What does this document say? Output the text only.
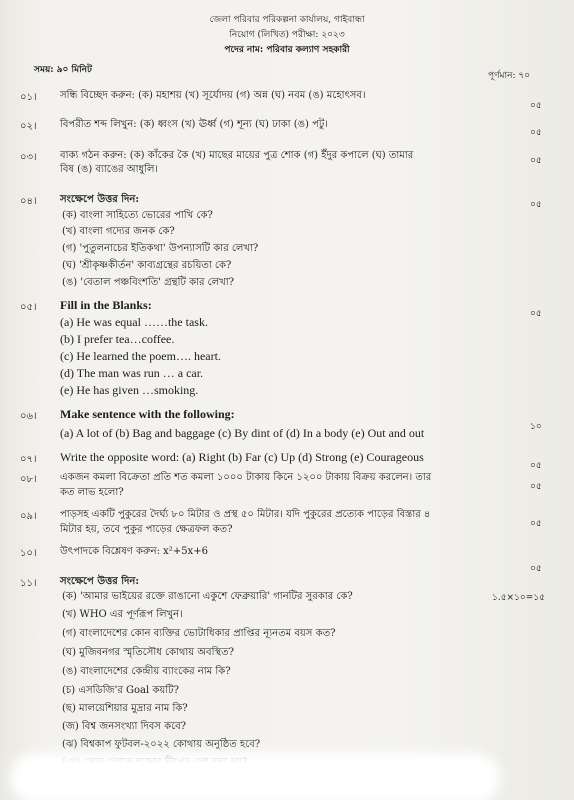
জেলা পরিবার পরিকল্পনা কার্যালয়, গাইবান্ধা
নিয়োগ (লিখিত) পরীক্ষা: ২০২৩
পদের নাম: পরিবার কল্যাণ সহকারী
সময়: ৯০ মিনিট
পূর্ণমান: ৭০
০১। সন্ধি বিচ্ছেদ করুন: (ক) মহাশয় (খ) সূর্যোদয় (গ) অন্ন (ঘ) নবম (ঙ) মহোৎসব।
০৫
০২। বিপরীত শব্দ লিখুন: (ক) ধ্বংস (খ) ঊর্ধ্ব (গ) শূন্য (ঘ) ঢাকা (ঙ) পটু।
০৫
০৩। বাক্য গঠন করুন: (ক) কাঁকের কৈ (খ) মাছের মায়ের পুত্র শোক (গ) ইঁদুর কপালে (ঘ) তামার
বিষ (ঙ) ব্যাঙের আধুলি।
০৫
০৪। সংক্ষেপে উত্তর দিন:	০৫
(ক) বাংলা সাহিত্যে ভোরের পাখি কে?
(খ) বাংলা গদ্যের জনক কে?
(গ) 'পুতুলনাচের ইতিকথা' উপন্যাসটি কার লেখা?
(ঘ) 'শ্রীকৃষ্ণকীর্তন' কাব্যগ্রন্থের রচয়িতা কে?
(ঙ) 'বেতাল পঞ্চবিংশতি' গ্রন্থটি কার লেখা?
০৫। Fill in the Blanks:
০৫
(a) He was equal ……the task.
(b) I prefer tea…coffee.
(c) He learned the poem…. heart.
(d) The man was run … a car.
(e) He has given …smoking.
০৬। Make sentence with the following:
(a) A lot of (b) Bag and baggage (c) By dint of (d) In a body (e) Out and out	১০
০৭। Write the opposite word: (a) Right (b) Far (c) Up (d) Strong (e) Courageous
০৫
০৮। একজন কমলা বিক্রেতা প্রতি শত কমলা ১০০০ টাকায় কিনে ১২০০ টাকায় বিক্রয় করলেন। তার
কত লাভ হলো?	০৫
০৯। পাড়সহ একটি পুকুরের দৈর্ঘ্য ৮০ মিটার ও প্রস্থ ৫০ মিটার। যদি পুকুরের প্রত্যেক পাড়ের বিস্তার ৪
মিটার হয়, তবে পুকুর পাড়ের ক্ষেত্রফল কত?	০৫
১০। উৎপাদকে বিশ্লেষণ করুন: x²+5x+6
০৫
১১। সংক্ষেপে উত্তর দিন:
১.৫×১০=১৫
(ক) 'আমার ভাইয়ের রক্তে রাঙানো একুশে ফেব্রুয়ারি' গানটির সুরকার কে?
(খ) WHO এর পূর্ণরূপ লিখুন।
(গ) বাংলাদেশের কোন ব্যক্তির ভোটাধিকার প্রাপ্তির ন্যূনতম বয়স কত?
(ঘ) মুজিবনগর স্মৃতিসৌধ কোথায় অবস্থিত?
(ঙ) বাংলাদেশের কেন্দ্রীয় ব্যাংকের নাম কি?
(চ) এসডিজি'র Goal কয়টি?
(ছ) মালয়েশিয়ার মুদ্রার নাম কি?
(জ) বিশ্ব জনসংখ্যা দিবস কবে?
(ঝ) বিশ্বকাপ ফুটবল-২০২২ কোথায় অনুষ্ঠিত হবে?
